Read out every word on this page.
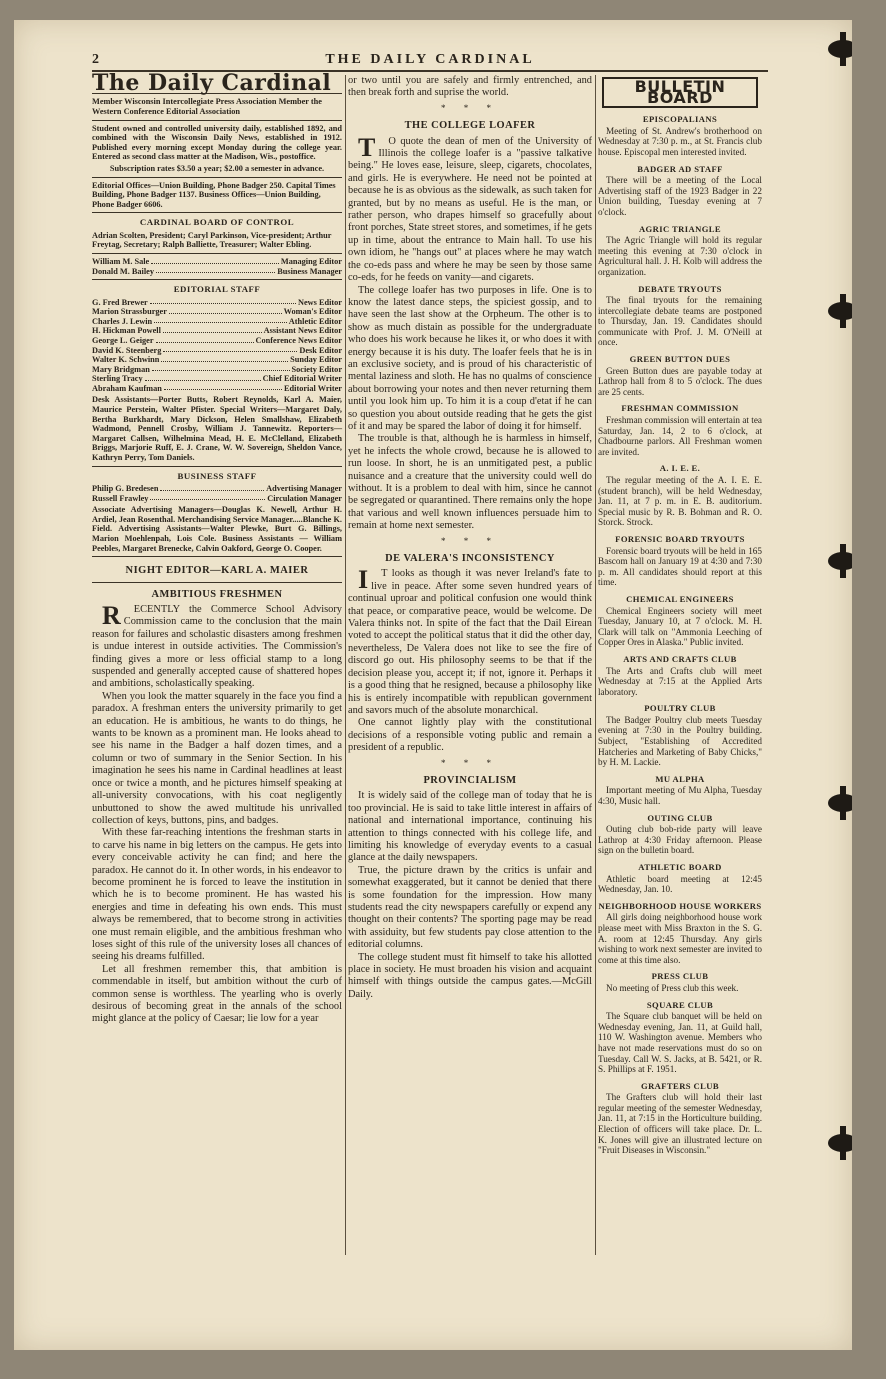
2	THE DAILY CARDINAL
The Daily Cardinal
Member Wisconsin Intercollegiate Press Association Member the Western Conference Editorial Association
Student owned and controlled university daily, established 1892, and combined with the Wisconsin Daily News, established in 1912. Published every morning except Monday during the college year. Entered as second class matter at the Madison, Wis., postoffice.
Subscription rates $3.50 a year; $2.00 a semester in advance.
Editorial Offices—Union Building, Phone Badger 250. Capital Times Building, Phone Badger 1137. Business Offices—Union Building, Phone Badger 6606.
CARDINAL BOARD OF CONTROL
Adrian Scolten, President; Caryl Parkinson, Vice-president; Arthur Freytag, Secretary; Ralph Balliette, Treasurer; Walter Ebling.
William M. Sale	Managing Editor
Donald M. Bailey	Business Manager
EDITORIAL STAFF
G. Fred Brewer	News Editor
Marion Strassburger	Woman's Editor
Charles J. Lewin	Athletic Editor
H. Hickman Powell	Assistant News Editor
George L. Geiger	Conference News Editor
David K. Steenberg	Desk Editor
Walter K. Schwinn	Sunday Editor
Mary Bridgman	Society Editor
Sterling Tracy	Chief Editorial Writer
Abraham Kaufman	Editorial Writer
Desk Assistants—Porter Butts, Robert Reynolds, Karl A. Maier, Maurice Perstein, Walter Pfister. Special Writers—Margaret Daly, Bertha Burkhardt, Mary Dickson, Helen Smallshaw, Elizabeth Wadmond, Pennell Crosby, William J. Tannewitz. Reporters—Margaret Callsen, Wilhelmina Mead, H. E. McClelland, Elizabeth Briggs, Marjorie Ruff, E. J. Crane, W. W. Sovereign, Sheldon Vance, Kathryn Perry, Tom Daniels.
BUSINESS STAFF
Philip G. Bredesen	Advertising Manager
Russell Frawley	Circulation Manager
Associate Advertising Managers—Douglas K. Newell, Arthur H. Ardiel, Jean Rosenthal. Merchandising Service Manager.....Blanche K. Field. Advertising Assistants—Walter Plewke, Burt G. Billings, Marion Moehlenpah, Lois Cole. Business Assistants — William Peebles, Margaret Brenecke, Calvin Oakford, George O. Cooper.
NIGHT EDITOR—KARL A. MAIER
AMBITIOUS FRESHMEN

RECENTLY the Commerce School Advisory Commission came to the conclusion that the main reason for failures and scholastic disasters among freshmen is undue interest in outside activities. The Commission's finding gives a more or less official stamp to a long suspended and generally accepted cause of shattered hopes and ambitions, scholastically speaking.

When you look the matter squarely in the face you find a paradox. A freshman enters the university primarily to get an education. He is ambitious, he wants to do things, he wants to be known as a prominent man. He looks ahead to see his name in the Badger a half dozen times, and a column or two of summary in the Senior Section. In his imagination he sees his name in Cardinal headlines at least once or twice a month, and he pictures himself speaking at all-university convocations, with his coat negligently unbuttoned to show the awed multitude his unrivalled collection of keys, buttons, pins, and badges.

With these far-reaching intentions the freshman starts in to carve his name in big letters on the campus. He gets into every conceivable activity he can find; and here the paradox. He cannot do it. In other words, in his endeavor to become prominent he is forced to leave the institution in which he is to become prominent. He has wasted his energies and time in defeating his own ends. This must always be remembered, that to become strong in activities one must remain eligible, and the ambitious freshman who loses sight of this rule of the university loses all chances of seeing his dreams fulfilled.

Let all freshmen remember this, that ambition is commendable in itself, but ambition without the curb of common sense is worthless. The yearling who is overly desirous of becoming great in the annals of the school might glance at the policy of Caesar; lie low for a year

or two until you are safely and firmly entrenched, and then break forth and suprise the world.

* * *
THE COLLEGE LOAFER

TO quote the dean of men of the University of Illinois the college loafer is a "passive talkative being." He loves ease, leisure, sleep, cigarets, chocolates, and girls. He is everywhere. He need not be pointed at because he is as obvious as the sidewalk, as such taken for granted, but by no means as useful. He is the man, or rather person, who drapes himself so gracefully about front porches, State street stores, and sometimes, if he gets up in time, about the entrance to Main hall. To use his own idiom, he "hangs out" at places where he may watch the co-eds pass and where he may be seen by those same co-eds, for he feeds on vanity—and cigarets.

The college loafer has two purposes in life. One is to know the latest dance steps, the spiciest gossip, and to have seen the last show at the Orpheum. The other is to show as much distain as possible for the undergraduate who does his work because he likes it, or who does it with energy because it is his duty. The loafer feels that he is in an exclusive society, and is proud of his characteristic of mental laziness and sloth. He has no qualms of conscience about borrowing your notes and then never returning them until you look him up. To him it is a coup d'etat if he can so question you about outside reading that he gets the gist of it and may be spared the labor of doing it for himself.

The trouble is that, although he is harmless in himself, yet he infects the whole crowd, because he is allowed to run loose. In short, he is an unmitigated pest, a public nuisance and a creature that the university could well do without. It is a problem to deal with him, since he cannot be segregated or quarantined. There remains only the hope that various and well known influences persuade him to remain at home next semester.

* * *
DE VALERA'S INCONSISTENCY

IT looks as though it was never Ireland's fate to live in peace. After some seven hundred years of continual uproar and political confusion one would think that peace, or comparative peace, would be welcome. De Valera thinks not. In spite of the fact that the Dail Eirean voted to accept the political status that it did the other day, nevertheless, De Valera does not like to see the fire of discord go out. His philosophy seems to be that if the decision please you, accept it; if not, ignore it. Perhaps it is a good thing that he resigned, because a philosophy like his is entirely incompatible with republican government and savors much of the absolute monarchical.

One cannot lightly play with the constitutional decisions of a responsible voting public and remain a president of a republic.

* * *
PROVINCIALISM

It is widely said of the college man of today that he is too provincial. He is said to take little interest in affairs of national and international importance, continuing his attention to things connected with his college life, and limiting his knowledge of everyday events to a casual glance at the daily newspapers.

True, the picture drawn by the critics is unfair and somewhat exaggerated, but it cannot be denied that there is some foundation for the impression. How many students read the city newspapers carefully or expend any thought on their contents? The sporting page may be read with assiduity, but few students pay close attention to the editorial columns.

The college student must fit himself to take his allotted place in society. He must broaden his vision and acquaint himself with things outside the campus gates.—McGill Daily.

BULLETIN BOARD
EPISCOPALIANS
Meeting of St. Andrew's brotherhood on Wednesday at 7:30 p. m., at St. Francis club house. Episcopal men interested invited.
BADGER AD STAFF
There will be a meeting of the Local Advertising staff of the 1923 Badger in 22 Union building, Tuesday evening at 7 o'clock.
AGRIC TRIANGLE
The Agric Triangle will hold its regular meeting this evening at 7:30 o'clock in Agricultural hall. J. H. Kolb will address the organization.
DEBATE TRYOUTS
The final tryouts for the remaining intercollegiate debate teams are postponed to Thursday, Jan. 19. Candidates should communicate with Prof. J. M. O'Neill at once.
GREEN BUTTON DUES
Green Button dues are payable today at Lathrop hall from 8 to 5 o'clock. The dues are 25 cents.
FRESHMAN COMMISSION
Freshman commission will entertain at tea Saturday, Jan. 14, 2 to 6 o'clock, at Chadbourne parlors. All Freshman women are invited.
A. I. E. E.
The regular meeting of the A. I. E. E. (student branch), will be held Wednesday, Jan. 11, at 7 p. m. in E. B. auditorium. Special music by R. B. Bohman and R. O. Storck. Strock.
FORENSIC BOARD TRYOUTS
Forensic board tryouts will be held in 165 Bascom hall on January 19 at 4:30 and 7:30 p. m. All candidates should report at this time.
CHEMICAL ENGINEERS
Chemical Engineers society will meet Tuesday, January 10, at 7 o'clock. M. H. Clark will talk on "Ammonia Leeching of Copper Ores in Alaska." Public invited.
ARTS AND CRAFTS CLUB
The Arts and Crafts club will meet Wednesday at 7:15 at the Applied Arts laboratory.
POULTRY CLUB
The Badger Poultry club meets Tuesday evening at 7:30 in the Poultry building. Subject, "Establishing of Accredited Hatcheries and Marketing of Baby Chicks," by H. M. Lackie.
MU ALPHA
Important meeting of Mu Alpha, Tuesday 4:30, Music hall.
OUTING CLUB
Outing club bob-ride party will leave Lathrop at 4:30 Friday afternoon. Please sign on the bulletin board.
ATHLETIC BOARD
Athletic board meeting at 12:45 Wednesday, Jan. 10.
NEIGHBORHOOD HOUSE WORKERS
All girls doing neighborhood house work please meet with Miss Braxton in the S. G. A. room at 12:45 Thursday. Any girls wishing to work next semester are invited to come at this time also.
PRESS CLUB
No meeting of Press club this week.
SQUARE CLUB
The Square club banquet will be held on Wednesday evening, Jan. 11, at Guild hall, 110 W. Washington avenue. Members who have not made reservations must do so on Tuesday. Call W. S. Jacks, at B. 5421, or R. S. Phillips at F. 1951.
GRAFTERS CLUB
The Grafters club will hold their last regular meeting of the semester Wednesday, Jan. 11, at 7:15 in the Horticulture building. Election of officers will take place. Dr. L. K. Jones will give an illustrated lecture on "Fruit Diseases in Wisconsin."
